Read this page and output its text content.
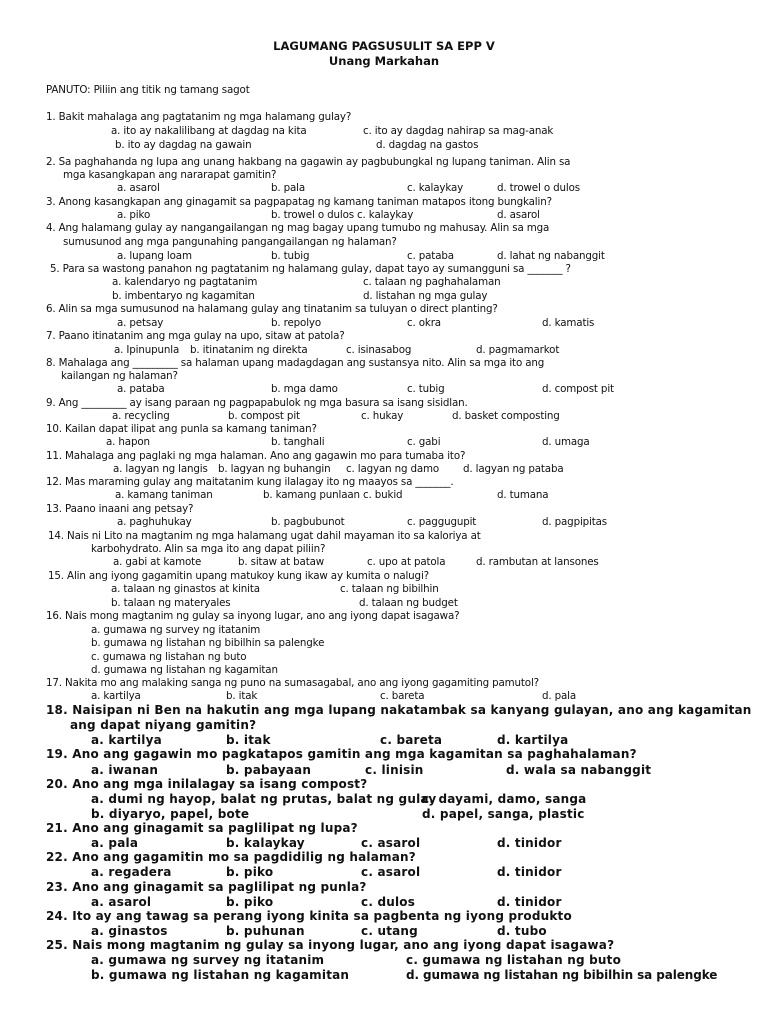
LAGUMANG PAGSUSULIT SA EPP V
Unang Markahan
PANUTO: Piliin ang titik ng tamang sagot
1. Bakit mahalaga ang pagtatanim ng mga halamang gulay?
a. ito ay nakalilibang at dagdag na kita	c. ito ay dagdag nahirap sa mag-anak
b. ito ay dagdag na gawain	d. dagdag na gastos
2. Sa paghahanda ng lupa ang unang hakbang na gagawin ay pagbubungkal ng lupang taniman. Alin sa
mga kasangkapan ang nararapat gamitin?
a. asarol	b. pala	c. kalaykay	d. trowel o dulos
3. Anong kasangkapan ang ginagamit sa pagpapatag ng kamang taniman matapos itong bungkalin?
a. piko	b. trowel o dulos c. kalaykay	d. asarol
4. Ang halamang gulay ay nangangailangan ng mag bagay upang tumubo ng mahusay. Alin sa mga
sumusunod ang mga pangunahing pangangailangan ng halaman?
a. lupang loam	b. tubig	c. pataba	d. lahat ng nabanggit
5. Para sa wastong panahon ng pagtatanim ng halamang gulay, dapat tayo ay sumangguni sa _______ ?
a. kalendaryo ng pagtatanim	c. talaan ng paghahalaman
b. imbentaryo ng kagamitan	d. listahan ng mga gulay
6. Alin sa mga sumusunod na halamang gulay ang tinatanim sa tuluyan o direct planting?
a. petsay	b. repolyo	c. okra	d. kamatis
7. Paano itinatanim ang mga gulay na upo, sitaw at patola?
a. Ipinupunla b. itinatanim ng direkta	c. isinasabog	d. pagmamarkot
8. Mahalaga ang _________ sa halaman upang madagdagan ang sustansya nito. Alin sa mga ito ang
kailangan ng halaman?
a. pataba	b. mga damo	c. tubig	d. compost pit
9. Ang _________ ay isang paraan ng pagpapabulok ng mga basura sa isang sisidlan.
a. recycling	b. compost pit	c. hukay	d. basket composting
10. Kailan dapat ilipat ang punla sa kamang taniman?
a. hapon	b. tanghali	c. gabi	d. umaga
11. Mahalaga ang paglaki ng mga halaman. Ano ang gagawin mo para tumaba ito?
a. lagyan ng langis b. lagyan ng buhangin c. lagyan ng damo d. lagyan ng pataba
12. Mas maraming gulay ang maitatanim kung ilalagay ito ng maayos sa _______.
a. kamang taniman	b. kamang punlaan c. bukid	d. tumana
13. Paano inaani ang petsay?
a. paghuhukay	b. pagbubunot	c. paggugupit	d. pagpipitas
14. Nais ni Lito na magtanim ng mga halamang ugat dahil mayaman ito sa kaloriya at
karbohydrato. Alin sa mga ito ang dapat piliin?
a. gabi at kamote	b. sitaw at bataw	c. upo at patola	d. rambutan at lansones
15. Alin ang iyong gagamitin upang matukoy kung ikaw ay kumita o nalugi?
a. talaan ng ginastos at kinita	c. talaan ng bibilhin
b. talaan ng materyales	d. talaan ng budget
16. Nais mong magtanim ng gulay sa inyong lugar, ano ang iyong dapat isagawa?
a. gumawa ng survey ng itatanim
b. gumawa ng listahan ng bibilhin sa palengke
c. gumawa ng listahan ng buto
d. gumawa ng listahan ng kagamitan
17. Nakita mo ang malaking sanga ng puno na sumasagabal, ano ang iyong gagamiting pamutol?
a. kartilya	b. itak	c. bareta	d. pala
18. Naisipan ni Ben na hakutin ang mga lupang nakatambak sa kanyang gulayan, ano ang kagamitan
ang dapat niyang gamitin?
a. kartilya	b. itak	c. bareta	d. kartilya
19. Ano ang gagawin mo pagkatapos gamitin ang mga kagamitan sa paghahalaman?
a. iwanan	b. pabayaan	c. linisin	d. wala sa nabanggit
20. Ano ang mga inilalagay sa isang compost?
a. dumi ng hayop, balat ng prutas, balat ng gulay
c. dayami, damo, sanga
b. diyaryo, papel, bote	d. papel, sanga, plastic
21. Ano ang ginagamit sa paglilipat ng lupa?
a. pala	b. kalaykay	c. asarol	d. tinidor
22. Ano ang gagamitin mo sa pagdidilig ng halaman?
a. regadera	b. piko	c. asarol	d. tinidor
23. Ano ang ginagamit sa paglilipat ng punla?
a. asarol	b. piko	c. dulos	d. tinidor
24. Ito ay ang tawag sa perang iyong kinita sa pagbenta ng iyong produkto
a. ginastos	b. puhunan	c. utang	d. tubo
25. Nais mong magtanim ng gulay sa inyong lugar, ano ang iyong dapat isagawa?
a. gumawa ng survey ng itatanim	c. gumawa ng listahan ng buto
b. gumawa ng listahan ng kagamitan	d. gumawa ng listahan ng bibilhin sa palengke
